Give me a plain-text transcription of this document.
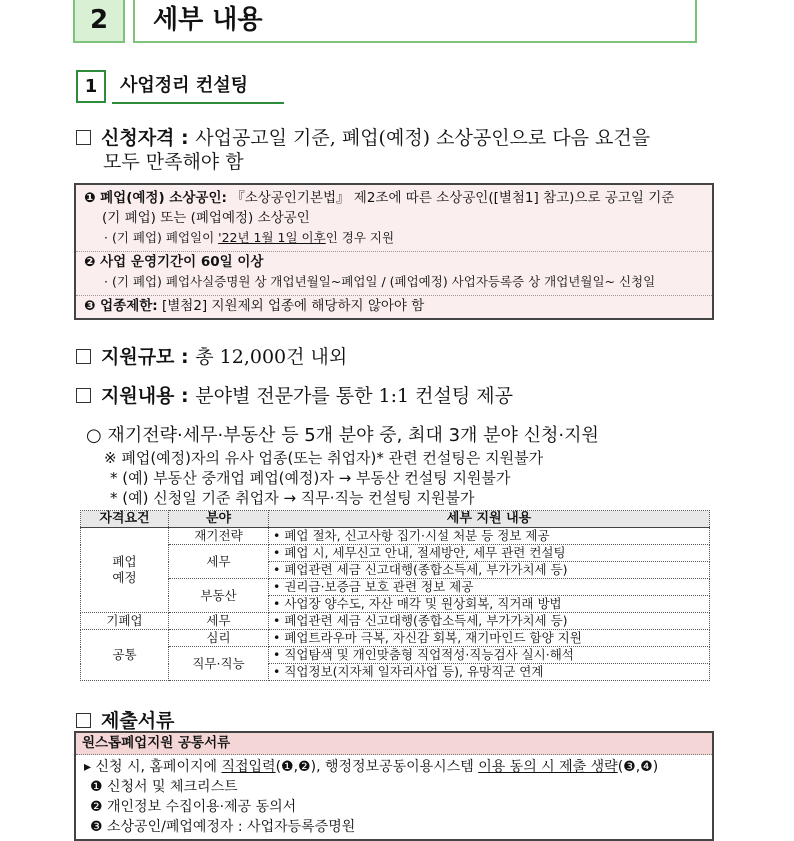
2	세부 내용
1	사업정리 컨설팅
신청자격 : 사업공고일 기준, 폐업(예정) 소상공인으로 다음 요건을
모두 만족해야 함
❶ 폐업(예정) 소상공인: 『소상공인기본법』 제2조에 따른 소상공인([별첨1] 참고)으로 공고일 기준
(기 폐업) 또는 (폐업예정) 소상공인
· (기 폐업) 폐업일이 '22년 1월 1일 이후인 경우 지원
❷ 사업 운영기간이 60일 이상
· (기 폐업) 폐업사실증명원 상 개업년월일~폐업일 / (폐업예정) 사업자등록증 상 개업년월일~ 신청일
❸ 업종제한: [별첨2] 지원제외 업종에 해당하지 않아야 함
지원규모 : 총 12,000건 내외
지원내용 : 분야별 전문가를 통한 1:1 컨설팅 제공
○ 재기전략·세무·부동산 등 5개 분야 중, 최대 3개 분야 신청·지원
※ 폐업(예정)자의 유사 업종(또는 취업자)* 관련 컨설팅은 지원불가
* (예) 부동산 중개업 폐업(예정)자 → 부동산 컨설팅 지원불가
* (예) 신청일 기준 취업자 → 직무·직능 컨설팅 지원불가
자격요건	분야	세부 지원 내용
폐업
예정	재기전략	• 폐업 절차, 신고사항 집기·시설 처분 등 정보 제공
	세무	• 폐업 시, 세무신고 안내, 절세방안, 세무 관련 컨설팅
		• 폐업관련 세금 신고대행(종합소득세, 부가가치세 등)
	부동산	• 권리금·보증금 보호 관련 정보 제공
		• 사업장 양수도, 자산 매각 및 원상회복, 직거래 방법
기폐업	세무	• 폐업관련 세금 신고대행(종합소득세, 부가가치세 등)
공통	심리	• 폐업트라우마 극복, 자신감 회복, 재기마인드 함양 지원
	직무·직능	• 직업탐색 및 개인맞춤형 직업적성·직능검사 실시·해석
		• 직업정보(지자체 일자리사업 등), 유망직군 연계
제출서류
원스톱폐업지원 공통서류
▸ 신청 시, 홈페이지에 직접입력(❶,❷), 행정정보공동이용시스템 이용 동의 시 제출 생략(❸,❹)
❶ 신청서 및 체크리스트
❷ 개인정보 수집이용·제공 동의서
❸ 소상공인/폐업예정자 : 사업자등록증명원
